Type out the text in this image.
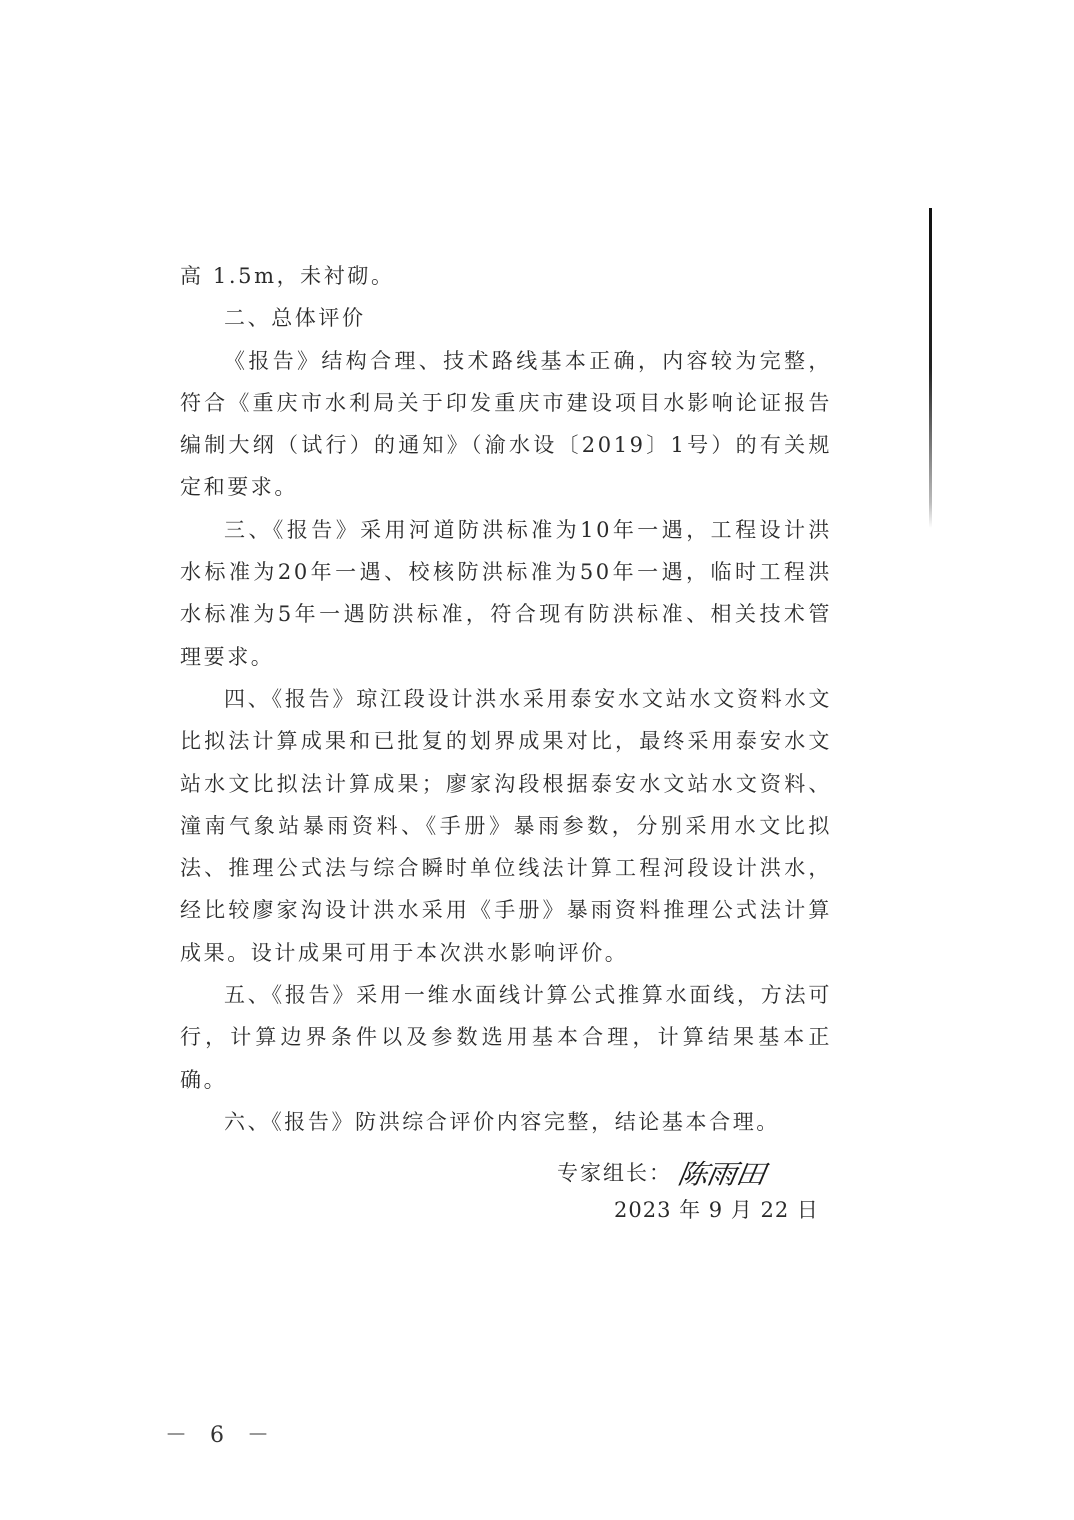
高 1.5m，未衬砌。

二、总体评价

《报告》结构合理、技术路线基本正确，内容较为完整，符合《重庆市水利局关于印发重庆市建设项目水影响论证报告编制大纲（试行）的通知》（渝水设〔2019〕1号）的有关规定和要求。

三、《报告》采用河道防洪标准为10年一遇，工程设计洪水标准为20年一遇、校核防洪标准为50年一遇，临时工程洪水标准为5年一遇防洪标准，符合现有防洪标准、相关技术管理要求。

四、《报告》琼江段设计洪水采用泰安水文站水文资料水文比拟法计算成果和已批复的划界成果对比，最终采用泰安水文站水文比拟法计算成果；廖家沟段根据泰安水文站水文资料、潼南气象站暴雨资料、《手册》暴雨参数，分别采用水文比拟法、推理公式法与综合瞬时单位线法计算工程河段设计洪水，经比较廖家沟设计洪水采用《手册》暴雨资料推理公式法计算成果。设计成果可用于本次洪水影响评价。

五、《报告》采用一维水面线计算公式推算水面线，方法可行，计算边界条件以及参数选用基本合理，计算结果基本正确。

六、《报告》防洪综合评价内容完整，结论基本合理。

专家组长： 陈雨田
2023 年 9 月 22 日
－ 6 －
